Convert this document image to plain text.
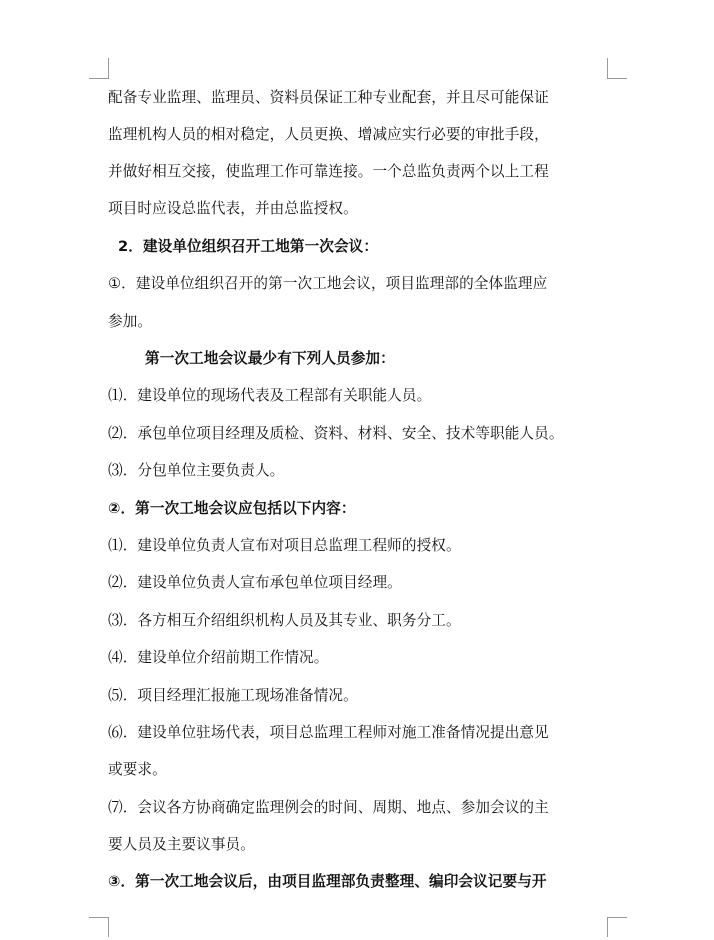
配备专业监理、监理员、资料员保证工种专业配套，并且尽可能保证
监理机构人员的相对稳定，人员更换、增减应实行必要的审批手段，
并做好相互交接，使监理工作可靠连接。一个总监负责两个以上工程
项目时应设总监代表，并由总监授权。
2．建设单位组织召开工地第一次会议：
①．建设单位组织召开的第一次工地会议，项目监理部的全体监理应
参加。
第一次工地会议最少有下列人员参加：
⑴．建设单位的现场代表及工程部有关职能人员。
⑵．承包单位项目经理及质检、资料、材料、安全、技术等职能人员。
⑶．分包单位主要负责人。
②．第一次工地会议应包括以下内容：
⑴．建设单位负责人宣布对项目总监理工程师的授权。
⑵．建设单位负责人宣布承包单位项目经理。
⑶．各方相互介绍组织机构人员及其专业、职务分工。
⑷．建设单位介绍前期工作情况。
⑸．项目经理汇报施工现场准备情况。
⑹．建设单位驻场代表，项目总监理工程师对施工准备情况提出意见
或要求。
⑺．会议各方协商确定监理例会的时间、周期、地点、参加会议的主
要人员及主要议事员。
③．第一次工地会议后，由项目监理部负责整理、编印会议记要与开
